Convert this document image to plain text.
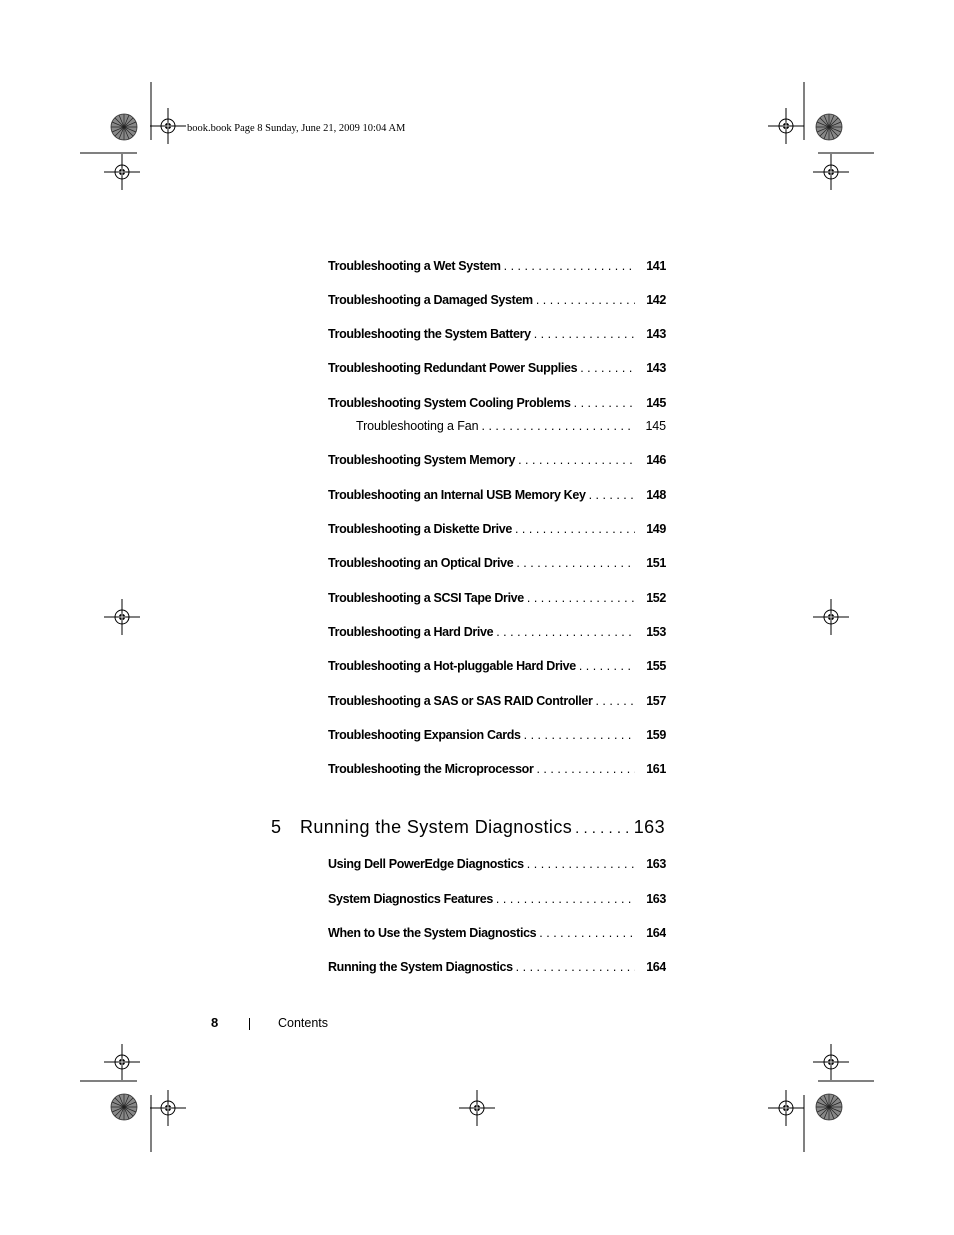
book.book Page 8 Sunday, June 21, 2009 10:04 AM
Troubleshooting a Wet System . . .	141
Troubleshooting a Damaged System . . .	142
Troubleshooting the System Battery . . .	143
Troubleshooting Redundant Power Supplies . . .	143
Troubleshooting System Cooling Problems . . .	145
Troubleshooting a Fan . . .	145
Troubleshooting System Memory . . .	146
Troubleshooting an Internal USB Memory Key . . .	148
Troubleshooting a Diskette Drive . . .	149
Troubleshooting an Optical Drive . . .	151
Troubleshooting a SCSI Tape Drive . . .	152
Troubleshooting a Hard Drive . . .	153
Troubleshooting a Hot-pluggable Hard Drive . . .	155
Troubleshooting a SAS or SAS RAID Controller . . .	157
Troubleshooting Expansion Cards . . .	159
Troubleshooting the Microprocessor . . .	161
5	Running the System Diagnostics . . .	163
Using Dell PowerEdge Diagnostics . . .	163
System Diagnostics Features . . .	163
When to Use the System Diagnostics . . .	164
Running the System Diagnostics . . .	164
8	Contents
